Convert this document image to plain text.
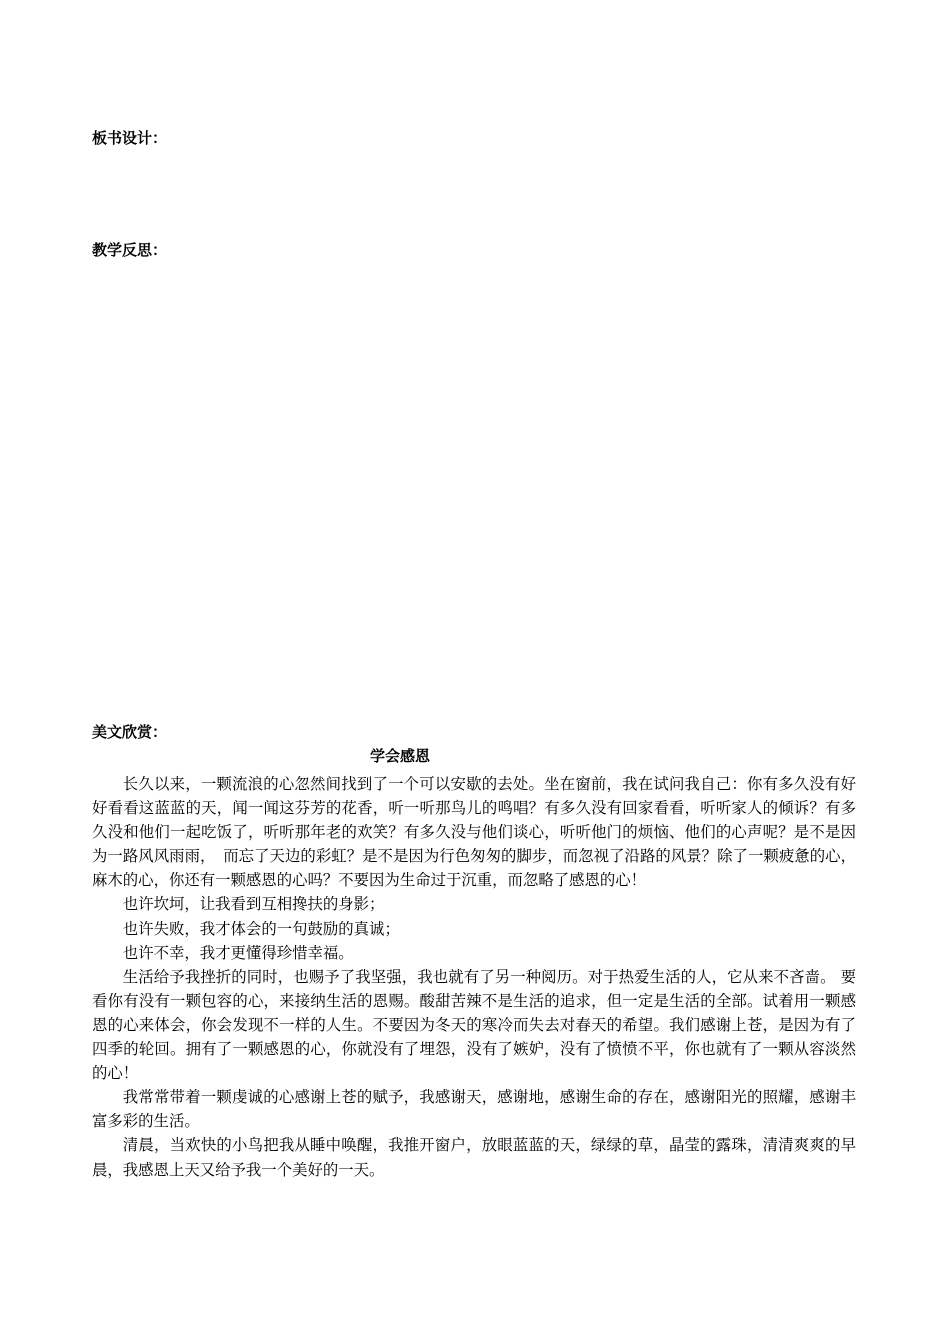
板书设计：
教学反思：
美文欣赏：
学会感恩

长久以来，一颗流浪的心忽然间找到了一个可以安歇的去处。坐在窗前，我在试问我自己：你有多久没有好好看看这蓝蓝的天，闻一闻这芬芳的花香，听一听那鸟儿的鸣唱？有多久没有回家看看，听听家人的倾诉？有多久没和他们一起吃饭了，听听那年老的欢笑？有多久没与他们谈心，听听他门的烦恼、他们的心声呢？是不是因为一路风风雨雨，　而忘了天边的彩虹？是不是因为行色匆匆的脚步，而忽视了沿路的风景？除了一颗疲惫的心，麻木的心，你还有一颗感恩的心吗？不要因为生命过于沉重，而忽略了感恩的心！

也许坎坷，让我看到互相搀扶的身影；

也许失败，我才体会的一句鼓励的真诚；

也许不幸，我才更懂得珍惜幸福。

生活给予我挫折的同时，也赐予了我坚强，我也就有了另一种阅历。对于热爱生活的人，它从来不吝啬。 要看你有没有一颗包容的心，来接纳生活的恩赐。酸甜苦辣不是生活的追求，但一定是生活的全部。试着用一颗感恩的心来体会，你会发现不一样的人生。不要因为冬天的寒冷而失去对春天的希望。我们感谢上苍，是因为有了四季的轮回。拥有了一颗感恩的心，你就没有了埋怨，没有了嫉妒，没有了愤愤不平，你也就有了一颗从容淡然的心！

我常常带着一颗虔诚的心感谢上苍的赋予，我感谢天，感谢地，感谢生命的存在，感谢阳光的照耀，感谢丰富多彩的生活。

清晨，当欢快的小鸟把我从睡中唤醒，我推开窗户，放眼蓝蓝的天，绿绿的草，晶莹的露珠，清清爽爽的早晨，我感恩上天又给予我一个美好的一天。
